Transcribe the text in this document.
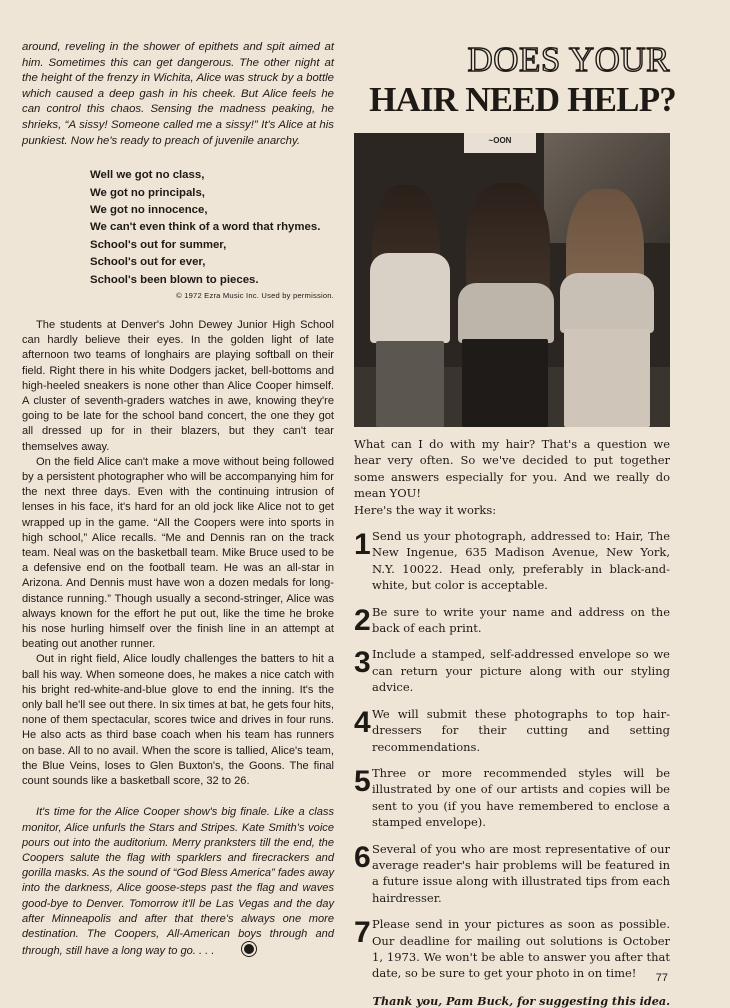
around, reveling in the shower of epithets and spit aimed at him. Sometimes this can get dangerous. The other night at the height of the frenzy in Wichita, Alice was struck by a bottle which caused a deep gash in his cheek. But Alice feels he can control this chaos. Sensing the madness peaking, he shrieks, “A sissy! Someone called me a sissy!” It's Alice at his punkiest. Now he's ready to preach of juvenile anarchy.

Well we got no class,
We got no principals,
We got no innocence,
We can't even think of a word that rhymes.
School's out for summer,
School's out for ever,
School's been blown to pieces.
© 1972 Ezra Music Inc. Used by permission.

The students at Denver's John Dewey Junior High School can hardly believe their eyes. In the golden light of late afternoon two teams of longhairs are playing softball on their field. Right there in his white Dodgers jacket, bell-bottoms and high-heeled sneakers is none other than Alice Cooper himself. A cluster of seventh-graders watches in awe, knowing they're going to be late for the school band concert, the one they got all dressed up for in their blazers, but they can't tear themselves away.

On the field Alice can't make a move without being followed by a persistent photographer who will be accompanying him for the next three days. Even with the continuing intrusion of lenses in his face, it's hard for an old jock like Alice not to get wrapped up in the game. “All the Coopers were into sports in high school,” Alice recalls. “Me and Dennis ran on the track team. Neal was on the basketball team. Mike Bruce used to be a defensive end on the football team. He was an all-star in Arizona. And Dennis must have won a dozen medals for long-distance running.” Though usually a second-stringer, Alice was always known for the effort he put out, like the time he broke his nose hurling himself over the finish line in an attempt at beating out another runner.

Out in right field, Alice loudly challenges the batters to hit a ball his way. When someone does, he makes a nice catch with his bright red-white-and-blue glove to end the inning. It's the only ball he'll see out there. In six times at bat, he gets four hits, none of them spectacular, scores twice and drives in four runs. He also acts as third base coach when his team has runners on base. All to no avail. When the score is tallied, Alice's team, the Blue Veins, loses to Glen Buxton's, the Goons. The final count sounds like a basketball score, 32 to 26.

It's time for the Alice Cooper show's big finale. Like a class monitor, Alice unfurls the Stars and Stripes. Kate Smith's voice pours out into the auditorium. Merry pranksters till the end, the Coopers salute the flag with sparklers and firecrackers and gorilla masks. As the sound of “God Bless America” fades away into the darkness, Alice goose-steps past the flag and waves good-bye to Denver. Tomorrow it'll be Las Vegas and the day after Minneapolis and after that there's always one more destination. The Coopers, All-American boys through and through, still have a long way to go. . . .

DOES YOUR
HAIR NEED HELP?
~OON

What can I do with my hair? That's a question we hear very often. So we've decided to put together some answers especially for you. And we really do mean YOU!

Here's the way it works:

1 Send us your photograph, addressed to: Hair, The New Ingenue, 635 Madison Avenue, New York, N.Y. 10022. Head only, preferably in black-and-white, but color is acceptable.
2 Be sure to write your name and address on the back of each print.
3 Include a stamped, self-addressed envelope so we can return your picture along with our styling advice.
4 We will submit these photographs to top hair-dressers for their cutting and setting recommendations.
5 Three or more recommended styles will be illustrated by one of our artists and copies will be sent to you (if you have remembered to enclose a stamped envelope).
6 Several of you who are most representative of our average reader's hair problems will be featured in a future issue along with illustrated tips from each hairdresser.
7 Please send in your pictures as soon as possible. Our deadline for mailing out solutions is October 1, 1973. We won't be able to answer you after that date, so be sure to get your photo in on time!

Thank you, Pam Buck, for suggesting this idea.

77
